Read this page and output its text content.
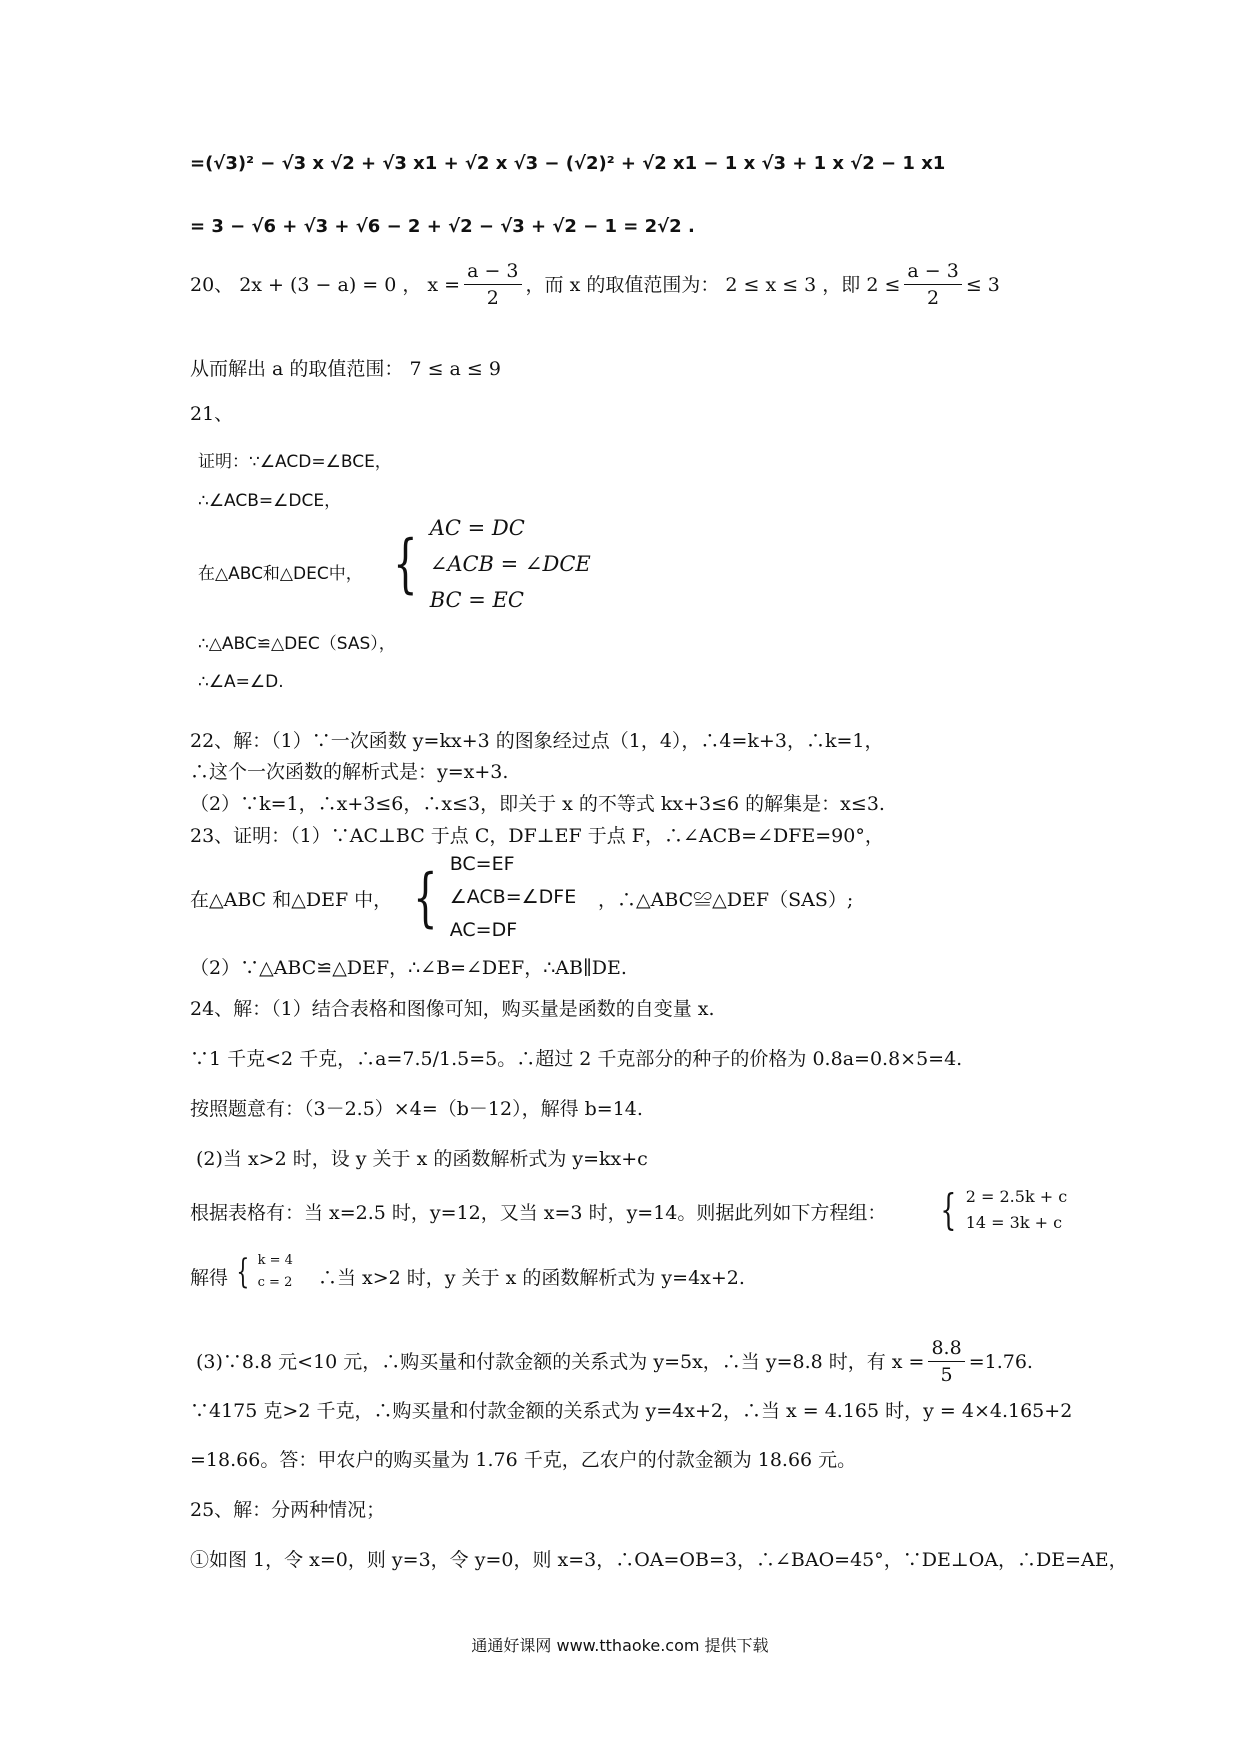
=(√3)² − √3 x √2 + √3 x1 + √2 x √3 − (√2)² + √2 x1 − 1 x √3 + 1 x √2 − 1 x1
= 3 − √6 + √3 + √6 − 2 + √2 − √3 + √2 − 1 = 2√2 .
20、 2x + (3 − a) = 0 ， $x = \frac{a - 3}{2}$ ，而 x 的取值范围为： 2 ≤ x ≤ 3 ，即 $2 \le \frac{a - 3}{2} \le 3$
从而解出 a 的取值范围： 7 ≤ a ≤ 9
21、
证明：∵∠ACD=∠BCE，
∴∠ACB=∠DCE，
在△ABC和△DEC中， { AC = DC
∠ACB = ∠DCE
BC = EC
∴△ABC≌△DEC（SAS），
∴∠A=∠D.
22、解：（1）∵一次函数 y=kx+3 的图象经过点（1，4），∴4=k+3，∴k=1，
∴这个一次函数的解析式是：y=x+3.
（2）∵k=1，∴x+3≤6，∴x≤3，即关于 x 的不等式 kx+3≤6 的解集是：x≤3.
23、证明：（1）∵AC⊥BC 于点 C，DF⊥EF 于点 F，∴∠ACB=∠DFE=90°，
在△ABC 和△DEF 中， { BC=EF
∠ACB=∠DFE
AC=DF
，∴△ABC≌△DEF（SAS）;
（2）∵△ABC≌△DEF，∴∠B=∠DEF，∴AB∥DE.
24、解：（1）结合表格和图像可知，购买量是函数的自变量 x.
∵1 千克<2 千克，∴a=7.5/1.5=5。∴超过 2 千克部分的种子的价格为 0.8a=0.8×5=4.
按照题意有：（3－2.5）×4=（b－12），解得 b=14.
(2)当 x>2 时，设 y 关于 x 的函数解析式为 y=kx+c
根据表格有：当 x=2.5 时，y=12，又当 x=3 时，y=14。则据此列如下方程组： { 2 = 2.5k + c
14 = 3k + c
解得 { k = 4
c = 2 ∴当 x>2 时，y 关于 x 的函数解析式为 y=4x+2.
(3)∵8.8 元<10 元，∴购买量和付款金额的关系式为 y=5x，∴当 y=8.8 时，有 $x = \frac{8.8}{5} =1.76$.
∵4175 克>2 千克，∴购买量和付款金额的关系式为 y=4x+2，∴当 x = 4.165 时，y = 4×4.165+2
=18.66。答：甲农户的购买量为 1.76 千克，乙农户的付款金额为 18.66 元。
25、解：分两种情况；
①如图 1，令 x=0，则 y=3，令 y=0，则 x=3，∴OA=OB=3，∴∠BAO=45°，∵DE⊥OA，∴DE=AE，
通通好课网 www.tthaoke.com 提供下载
